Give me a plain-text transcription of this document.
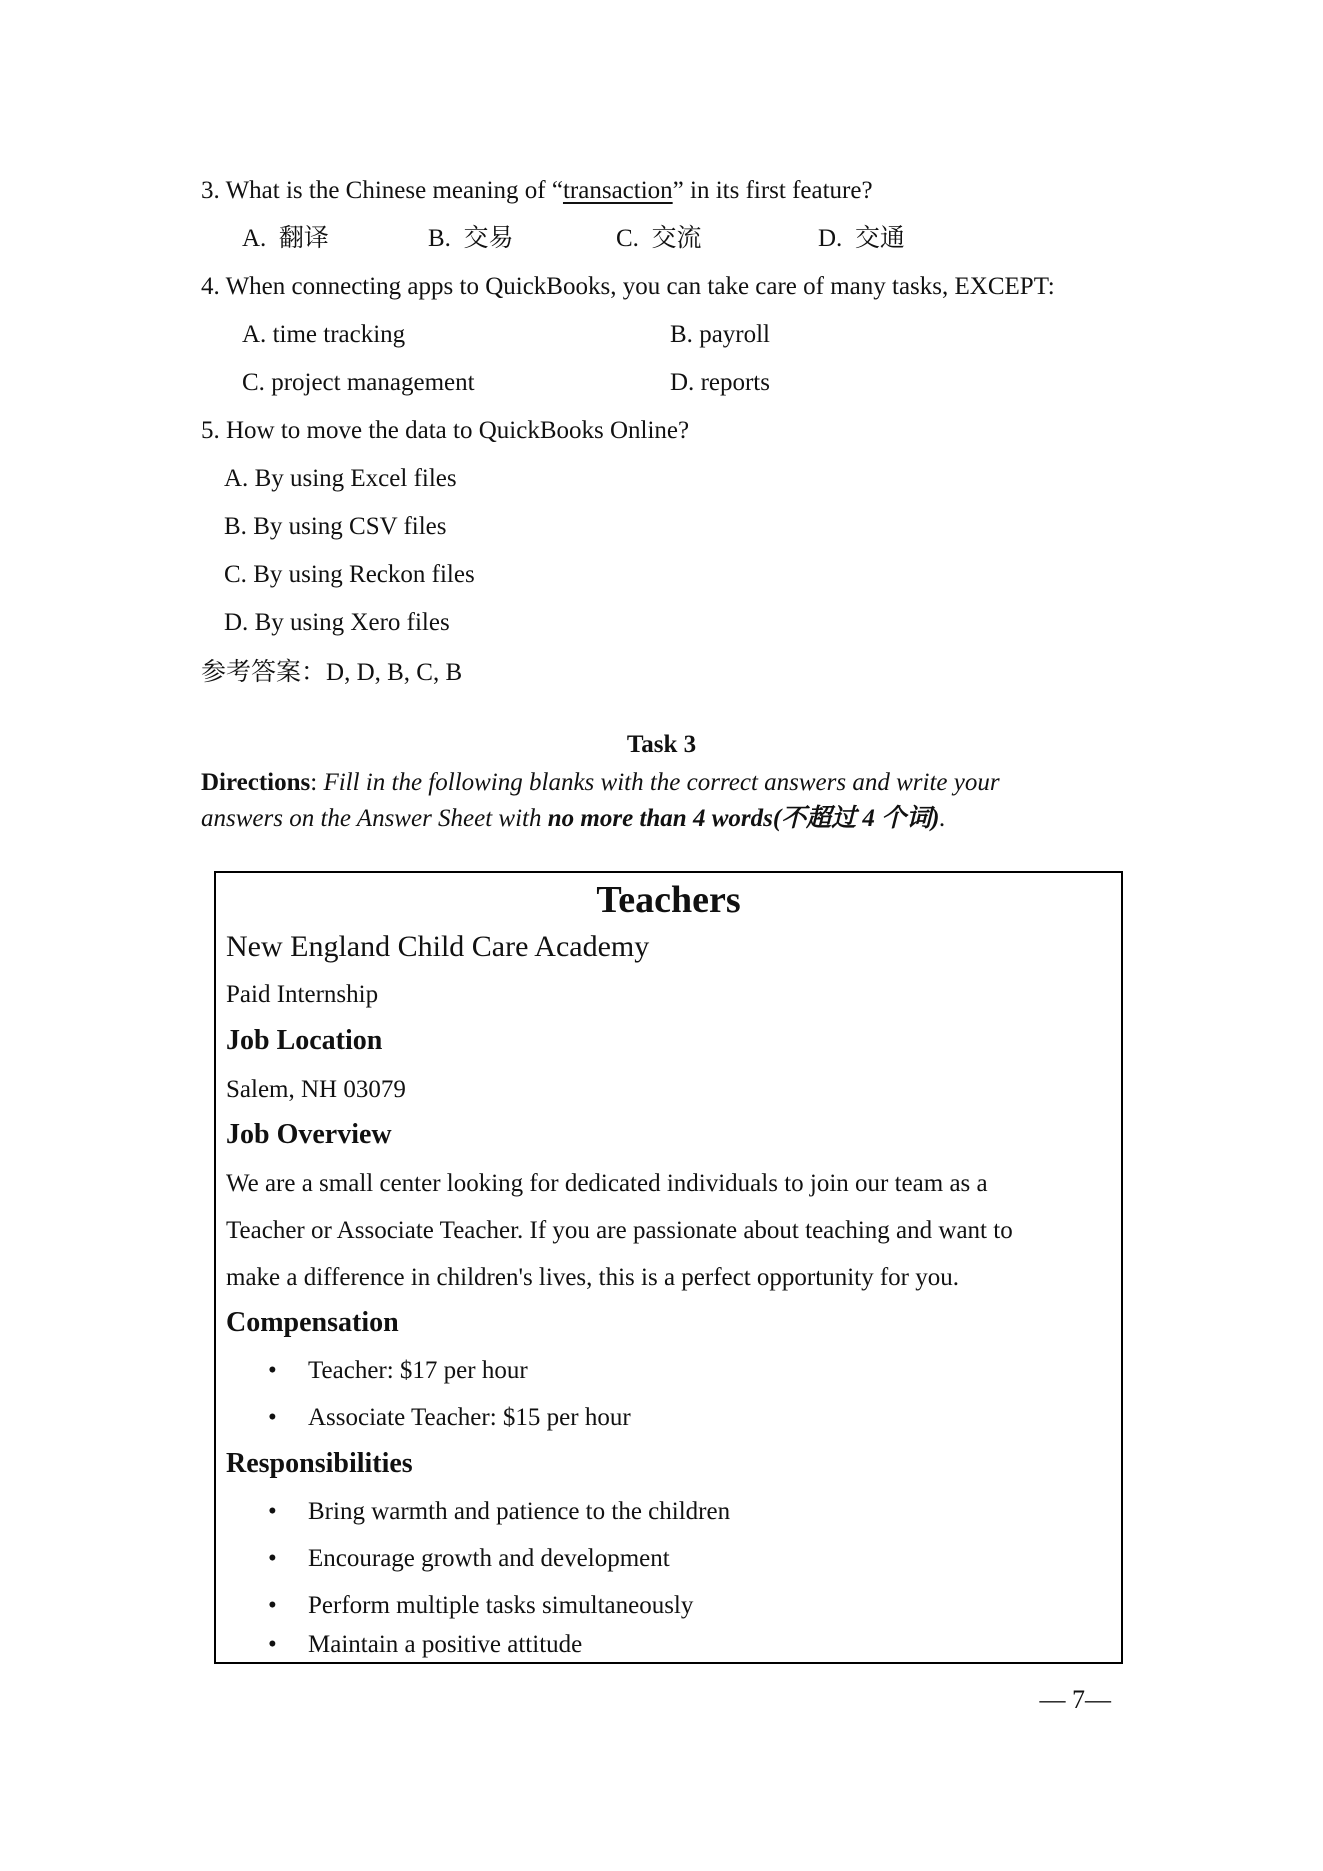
3. What is the Chinese meaning of “transaction” in its first feature?
A. 翻译	B. 交易	C. 交流	D. 交通
4. When connecting apps to QuickBooks, you can take care of many tasks, EXCEPT:
A. time tracking	B. payroll
C. project management	D. reports
5. How to move the data to QuickBooks Online?
A. By using Excel files
B. By using CSV files
C. By using Reckon files
D. By using Xero files
参考答案：D, D, B, C, B
Task 3
Directions: Fill in the following blanks with the correct answers and write your
answers on the Answer Sheet with no more than 4 words(不超过 4 个词).
Teachers
New England Child Care Academy
Paid Internship
Job Location
Salem, NH 03079
Job Overview
We are a small center looking for dedicated individuals to join our team as a
Teacher or Associate Teacher. If you are passionate about teaching and want to
make a difference in children's lives, this is a perfect opportunity for you.
Compensation
• Teacher: $17 per hour
• Associate Teacher: $15 per hour
Responsibilities
• Bring warmth and patience to the children
• Encourage growth and development
• Perform multiple tasks simultaneously
• Maintain a positive attitude
— 7—
